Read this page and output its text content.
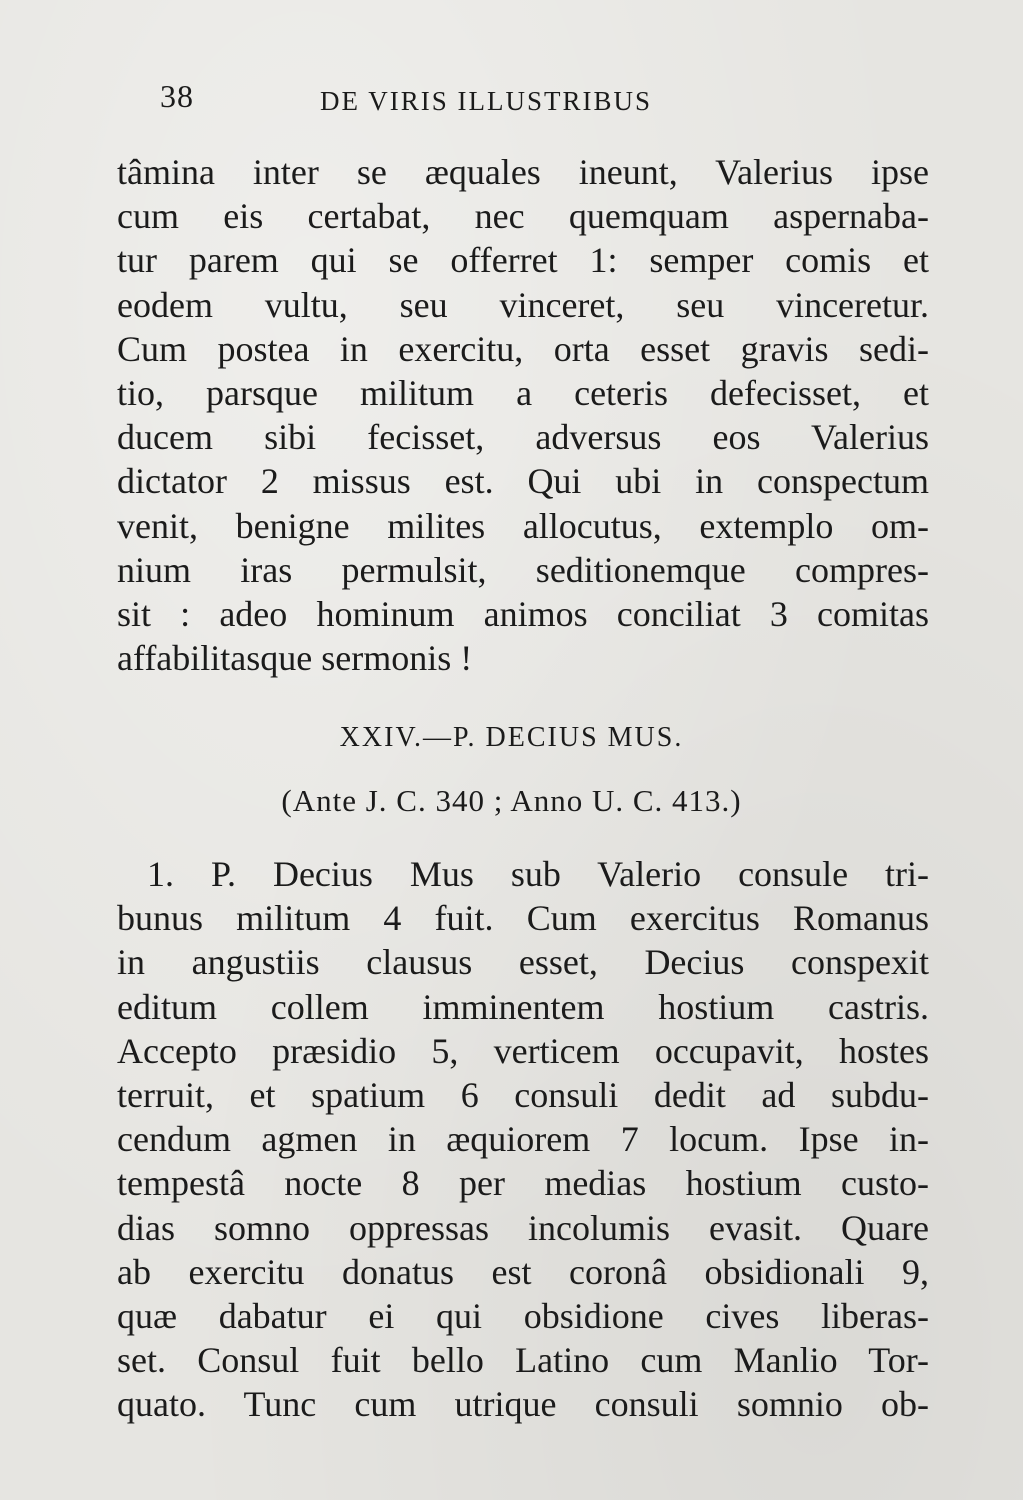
38	DE VIRIS ILLUSTRIBUS
tâmina inter se æquales ineunt, Valerius ipse
cum eis certabat, nec quemquam aspernaba-
tur parem qui se offerret 1: semper comis et
eodem vultu, seu vinceret, seu vinceretur.
Cum postea in exercitu, orta esset gravis sedi-
tio, parsque militum a ceteris defecisset, et
ducem sibi fecisset, adversus eos Valerius
dictator 2 missus est. Qui ubi in conspectum
venit, benigne milites allocutus, extemplo om-
nium iras permulsit, seditionemque compres-
sit : adeo hominum animos conciliat 3 comitas
affabilitasque sermonis !
XXIV.—P. DECIUS MUS.
(Ante J. C. 340 ; Anno U. C. 413.)
1. P. Decius Mus sub Valerio consule tri-
bunus militum 4 fuit. Cum exercitus Romanus
in angustiis clausus esset, Decius conspexit
editum collem imminentem hostium castris.
Accepto præsidio 5, verticem occupavit, hostes
terruit, et spatium 6 consuli dedit ad subdu-
cendum agmen in æquiorem 7 locum. Ipse in-
tempestâ nocte 8 per medias hostium custo-
dias somno oppressas incolumis evasit. Quare
ab exercitu donatus est coronâ obsidionali 9,
quæ dabatur ei qui obsidione cives liberas-
set. Consul fuit bello Latino cum Manlio Tor-
quato. Tunc cum utrique consuli somnio ob-
